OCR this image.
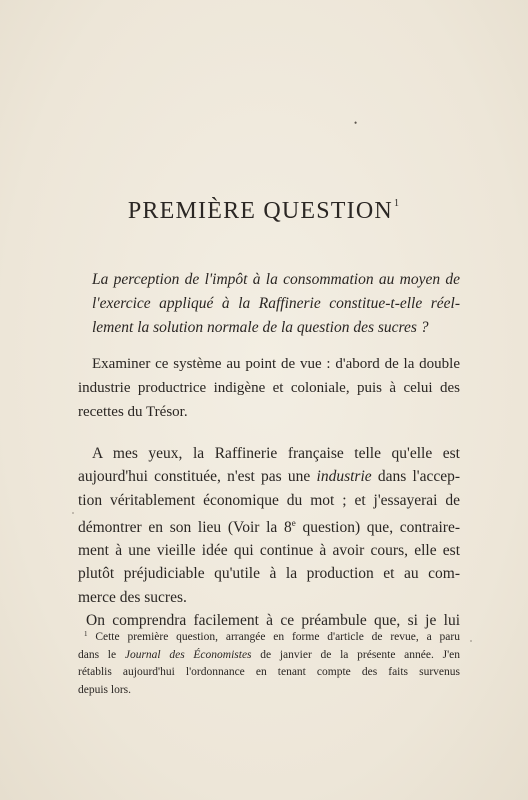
•
PREMIÈRE QUESTION$^1$
La perception de l'impôt à la consommation au moyen de
l'exercice appliqué à la Raffinerie constitue-t-elle réel-
lement la solution normale de la question des sucres ?
Examiner ce système au point de vue : d'abord de la double
industrie productrice indigène et coloniale, puis à celui des
recettes du Trésor.
A mes yeux, la Raffinerie française telle qu'elle est
aujourd'hui constituée, n'est pas une industrie dans l'accep-
tion véritablement économique du mot ; et j'essayerai de
démontrer en son lieu (Voir la 8e question) que, contraire-
ment à une vieille idée qui continue à avoir cours, elle est
plutôt préjudiciable qu'utile à la production et au com-
merce des sucres.
On comprendra facilement à ce préambule que, si je lui
$^1$ Cette première question, arrangée en forme d'article de revue, a paru
dans le Journal des Économistes de janvier de la présente année. J'en
rétablis aujourd'hui l'ordonnance en tenant compte des faits survenus
depuis lors.
